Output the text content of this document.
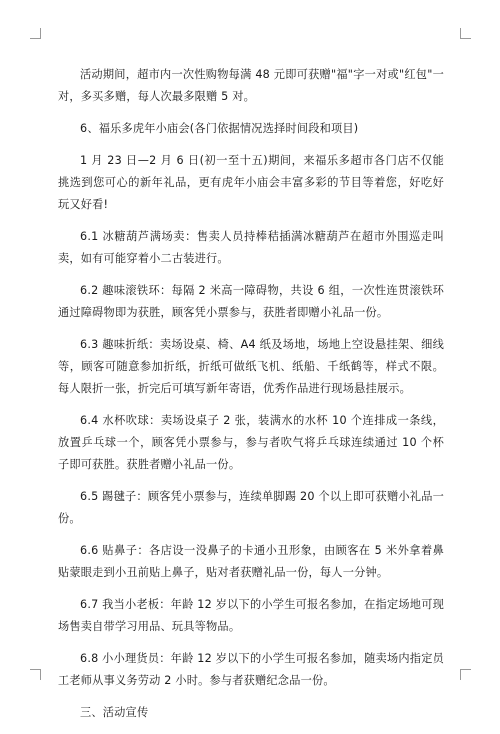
活动期间，超市内一次性购物每满 48 元即可获赠"福"字一对或"红包"一对，多买多赠，每人次最多限赠 5 对。

6、福乐多虎年小庙会(各门依据情况选择时间段和项目)

1 月 23 日—2 月 6 日(初一至十五)期间，来福乐多超市各门店不仅能挑选到您可心的新年礼品，更有虎年小庙会丰富多彩的节目等着您，好吃好玩又好看!

6.1 冰糖葫芦满场卖：售卖人员持棒秸插满冰糖葫芦在超市外围巡走叫卖，如有可能穿着小二古装进行。

6.2 趣味滚铁环：每隔 2 米高一障碍物，共设 6 组，一次性连贯滚铁环通过障碍物即为获胜，顾客凭小票参与，获胜者即赠小礼品一份。

6.3 趣味折纸：卖场设桌、椅、A4 纸及场地，场地上空设悬挂架、细线等，顾客可随意参加折纸，折纸可做纸飞机、纸船、千纸鹤等，样式不限。每人限折一张，折完后可填写新年寄语，优秀作品进行现场悬挂展示。

6.4 水杯吹球：卖场设桌子 2 张，装满水的水杯 10 个连排成一条线，放置乒乓球一个，顾客凭小票参与，参与者吹气将乒乓球连续通过 10 个杯子即可获胜。获胜者赠小礼品一份。

6.5 踢毽子：顾客凭小票参与，连续单脚踢 20 个以上即可获赠小礼品一份。

6.6 贴鼻子：各店设一没鼻子的卡通小丑形象，由顾客在 5 米外拿着鼻贴蒙眼走到小丑前贴上鼻子，贴对者获赠礼品一份，每人一分钟。

6.7 我当小老板：年龄 12 岁以下的小学生可报名参加，在指定场地可现场售卖自带学习用品、玩具等物品。

6.8 小小理货员：年龄 12 岁以下的小学生可报名参加，随卖场内指定员工老师从事义务劳动 2 小时。参与者获赠纪念品一份。

三、活动宣传
